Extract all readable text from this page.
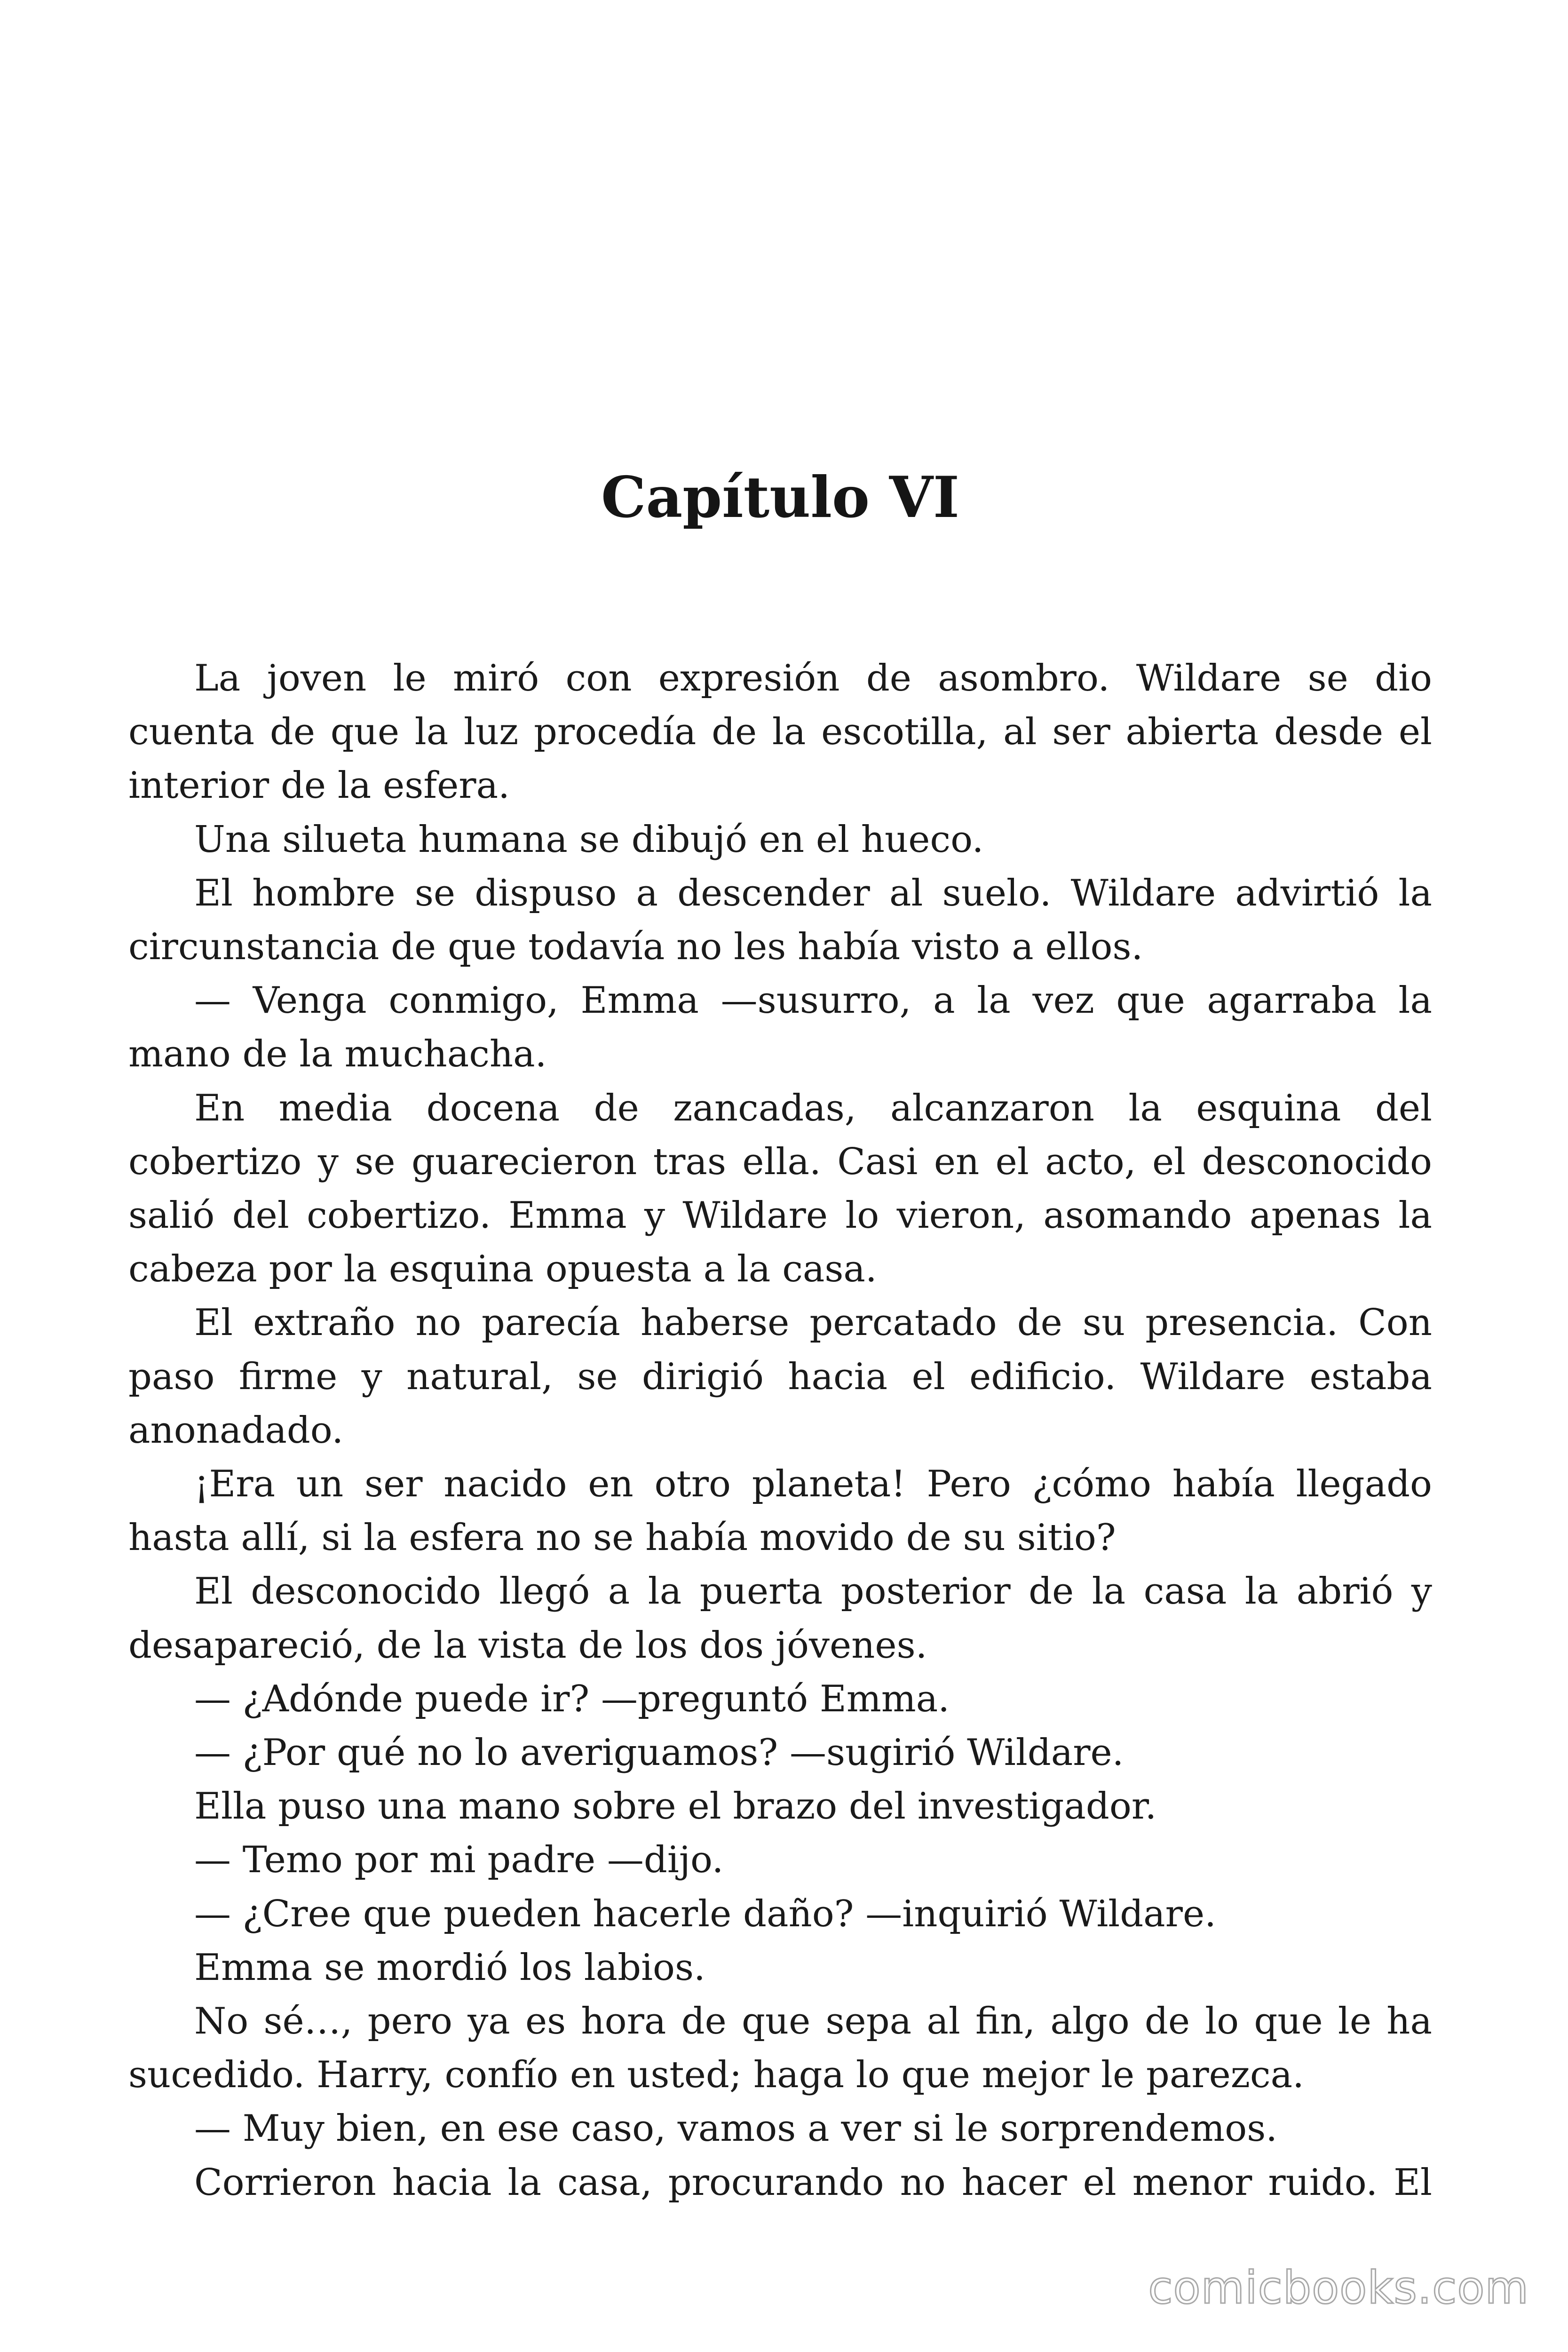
Capítulo VI

La joven le miró con expresión de asombro. Wildare se dio
cuenta de que la luz procedía de la escotilla, al ser abierta desde el
interior de la esfera.

Una silueta humana se dibujó en el hueco.

El hombre se dispuso a descender al suelo. Wildare advirtió la
circunstancia de que todavía no les había visto a ellos.

— Venga conmigo, Emma —susurro, a la vez que agarraba la
mano de la muchacha.

En media docena de zancadas, alcanzaron la esquina del
cobertizo y se guarecieron tras ella. Casi en el acto, el desconocido
salió del cobertizo. Emma y Wildare lo vieron, asomando apenas la
cabeza por la esquina opuesta a la casa.

El extraño no parecía haberse percatado de su presencia. Con
paso firme y natural, se dirigió hacia el edificio. Wildare estaba
anonadado.

¡Era un ser nacido en otro planeta! Pero ¿cómo había llegado
hasta allí, si la esfera no se había movido de su sitio?

El desconocido llegó a la puerta posterior de la casa la abrió y
desapareció, de la vista de los dos jóvenes.

— ¿Adónde puede ir? —preguntó Emma.

— ¿Por qué no lo averiguamos? —sugirió Wildare.

Ella puso una mano sobre el brazo del investigador.

— Temo por mi padre —dijo.

— ¿Cree que pueden hacerle daño? —inquirió Wildare.

Emma se mordió los labios.

No sé…, pero ya es hora de que sepa al fin, algo de lo que le ha
sucedido. Harry, confío en usted; haga lo que mejor le parezca.

— Muy bien, en ese caso, vamos a ver si le sorprendemos.

Corrieron hacia la casa, procurando no hacer el menor ruido. El

comicbooks.com
